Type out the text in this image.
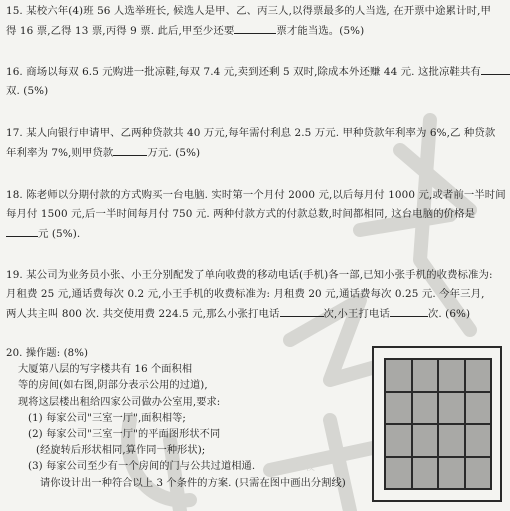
学校
15. 某校六年(4)班 56 人选举班长, 候选人是甲、乙、丙三人,以得票最多的人当选, 在开票中途累计时,甲
得 16 票,乙得 13 票,丙得 9 票. 此后,甲至少还要	票才能当选。(5%)
16. 商场以每双 6.5 元购进一批凉鞋,每双 7.4 元,卖到还剩 5 双时,除成本外还赚 44 元. 这批凉鞋共有
双. (5%)
17. 某人向银行申请甲、乙两种贷款共 40 万元,每年需付利息 2.5 万元. 甲种贷款年利率为 6%,乙 种贷款
年利率为 7%,则甲贷款	万元. (5%)
18. 陈老师以分期付款的方式购买一台电脑. 实时第一个月付 2000 元,以后每月付 1000 元,或者前一半时间
每月付 1500 元,后一半时间每月付 750 元. 两种付款方式的付款总数,时间都相同, 这台电脑的价格是
元 (5%).
19. 某公司为业务员小张、小王分别配发了单向收费的移动电话(手机)各一部,已知小张手机的收费标准为:
月租费 25 元,通话费每次 0.2 元,小王手机的收费标准为: 月租费 20 元,通话费每次 0.25 元. 今年三月,
两人共主叫 800 次. 共交使用费 224.5 元,那么小张打电话	次,小王打电话	次. (6%)
20. 操作题: (8%)
大厦第八层的写字楼共有 16 个面积相
等的房间(如右图,阴部分表示公用的过道),
现将这层楼出租给四家公司做办公室用,要求:
(1) 每家公司"三室一厅",面积相等;
(2) 每家公司"三室一厅"的平面图形状不同
(经旋转后形状相同,算作同一种形状);
(3) 每家公司至少有一个房间的门与公共过道相通.
请你设计出一种符合以上 3 个条件的方案. (只需在图中画出分割线)
